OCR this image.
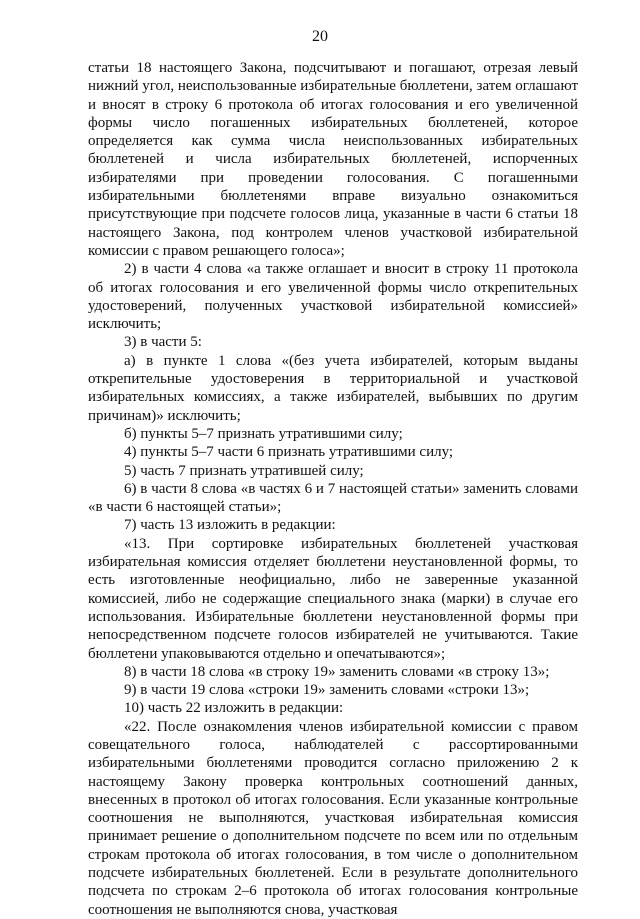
20

статьи 18 настоящего Закона, подсчитывают и погашают, отрезая левый нижний угол, неиспользованные избирательные бюллетени, затем оглашают и вносят в строку 6 протокола об итогах голосования и его увеличенной формы число погашенных избирательных бюллетеней, которое определяется как сумма числа неиспользованных избирательных бюллетеней и числа избирательных бюллетеней, испорченных избирателями при проведении голосования. С погашенными избирательными бюллетенями вправе визуально ознакомиться присутствующие при подсчете голосов лица, указанные в части 6 статьи 18 настоящего Закона, под контролем членов участковой избирательной комиссии с правом решающего голоса»;

2) в части 4 слова «а также оглашает и вносит в строку 11 протокола об итогах голосования и его увеличенной формы число открепительных удостоверений, полученных участковой избирательной комиссией» исключить;

3) в части 5:

а) в пункте 1 слова «(без учета избирателей, которым выданы открепительные удостоверения в территориальной и участковой избирательных комиссиях, а также избирателей, выбывших по другим причинам)» исключить;

б) пункты 5–7 признать утратившими силу;

4) пункты 5–7 части 6 признать утратившими силу;

5) часть 7 признать утратившей силу;

6) в части 8 слова «в частях 6 и 7 настоящей статьи» заменить словами «в части 6 настоящей статьи»;

7) часть 13 изложить в редакции:

«13. При сортировке избирательных бюллетеней участковая избирательная комиссия отделяет бюллетени неустановленной формы, то есть изготовленные неофициально, либо не заверенные указанной комиссией, либо не содержащие специального знака (марки) в случае его использования. Избирательные бюллетени неустановленной формы при непосредственном подсчете голосов избирателей не учитываются. Такие бюллетени упаковываются отдельно и опечатываются»;

8) в части 18 слова «в строку 19» заменить словами «в строку 13»;

9) в части 19 слова «строки 19» заменить словами «строки 13»;

10) часть 22 изложить в редакции:

«22. После ознакомления членов избирательной комиссии с правом совещательного голоса, наблюдателей с рассортированными избирательными бюллетенями проводится согласно приложению 2 к настоящему Закону проверка контрольных соотношений данных, внесенных в протокол об итогах голосования. Если указанные контрольные соотношения не выполняются, участковая избирательная комиссия принимает решение о дополнительном подсчете по всем или по отдельным строкам протокола об итогах голосования, в том числе о дополнительном подсчете избирательных бюллетеней. Если в результате дополнительного подсчета по строкам 2–6 протокола об итогах голосования контрольные соотношения не выполняются снова, участковая
